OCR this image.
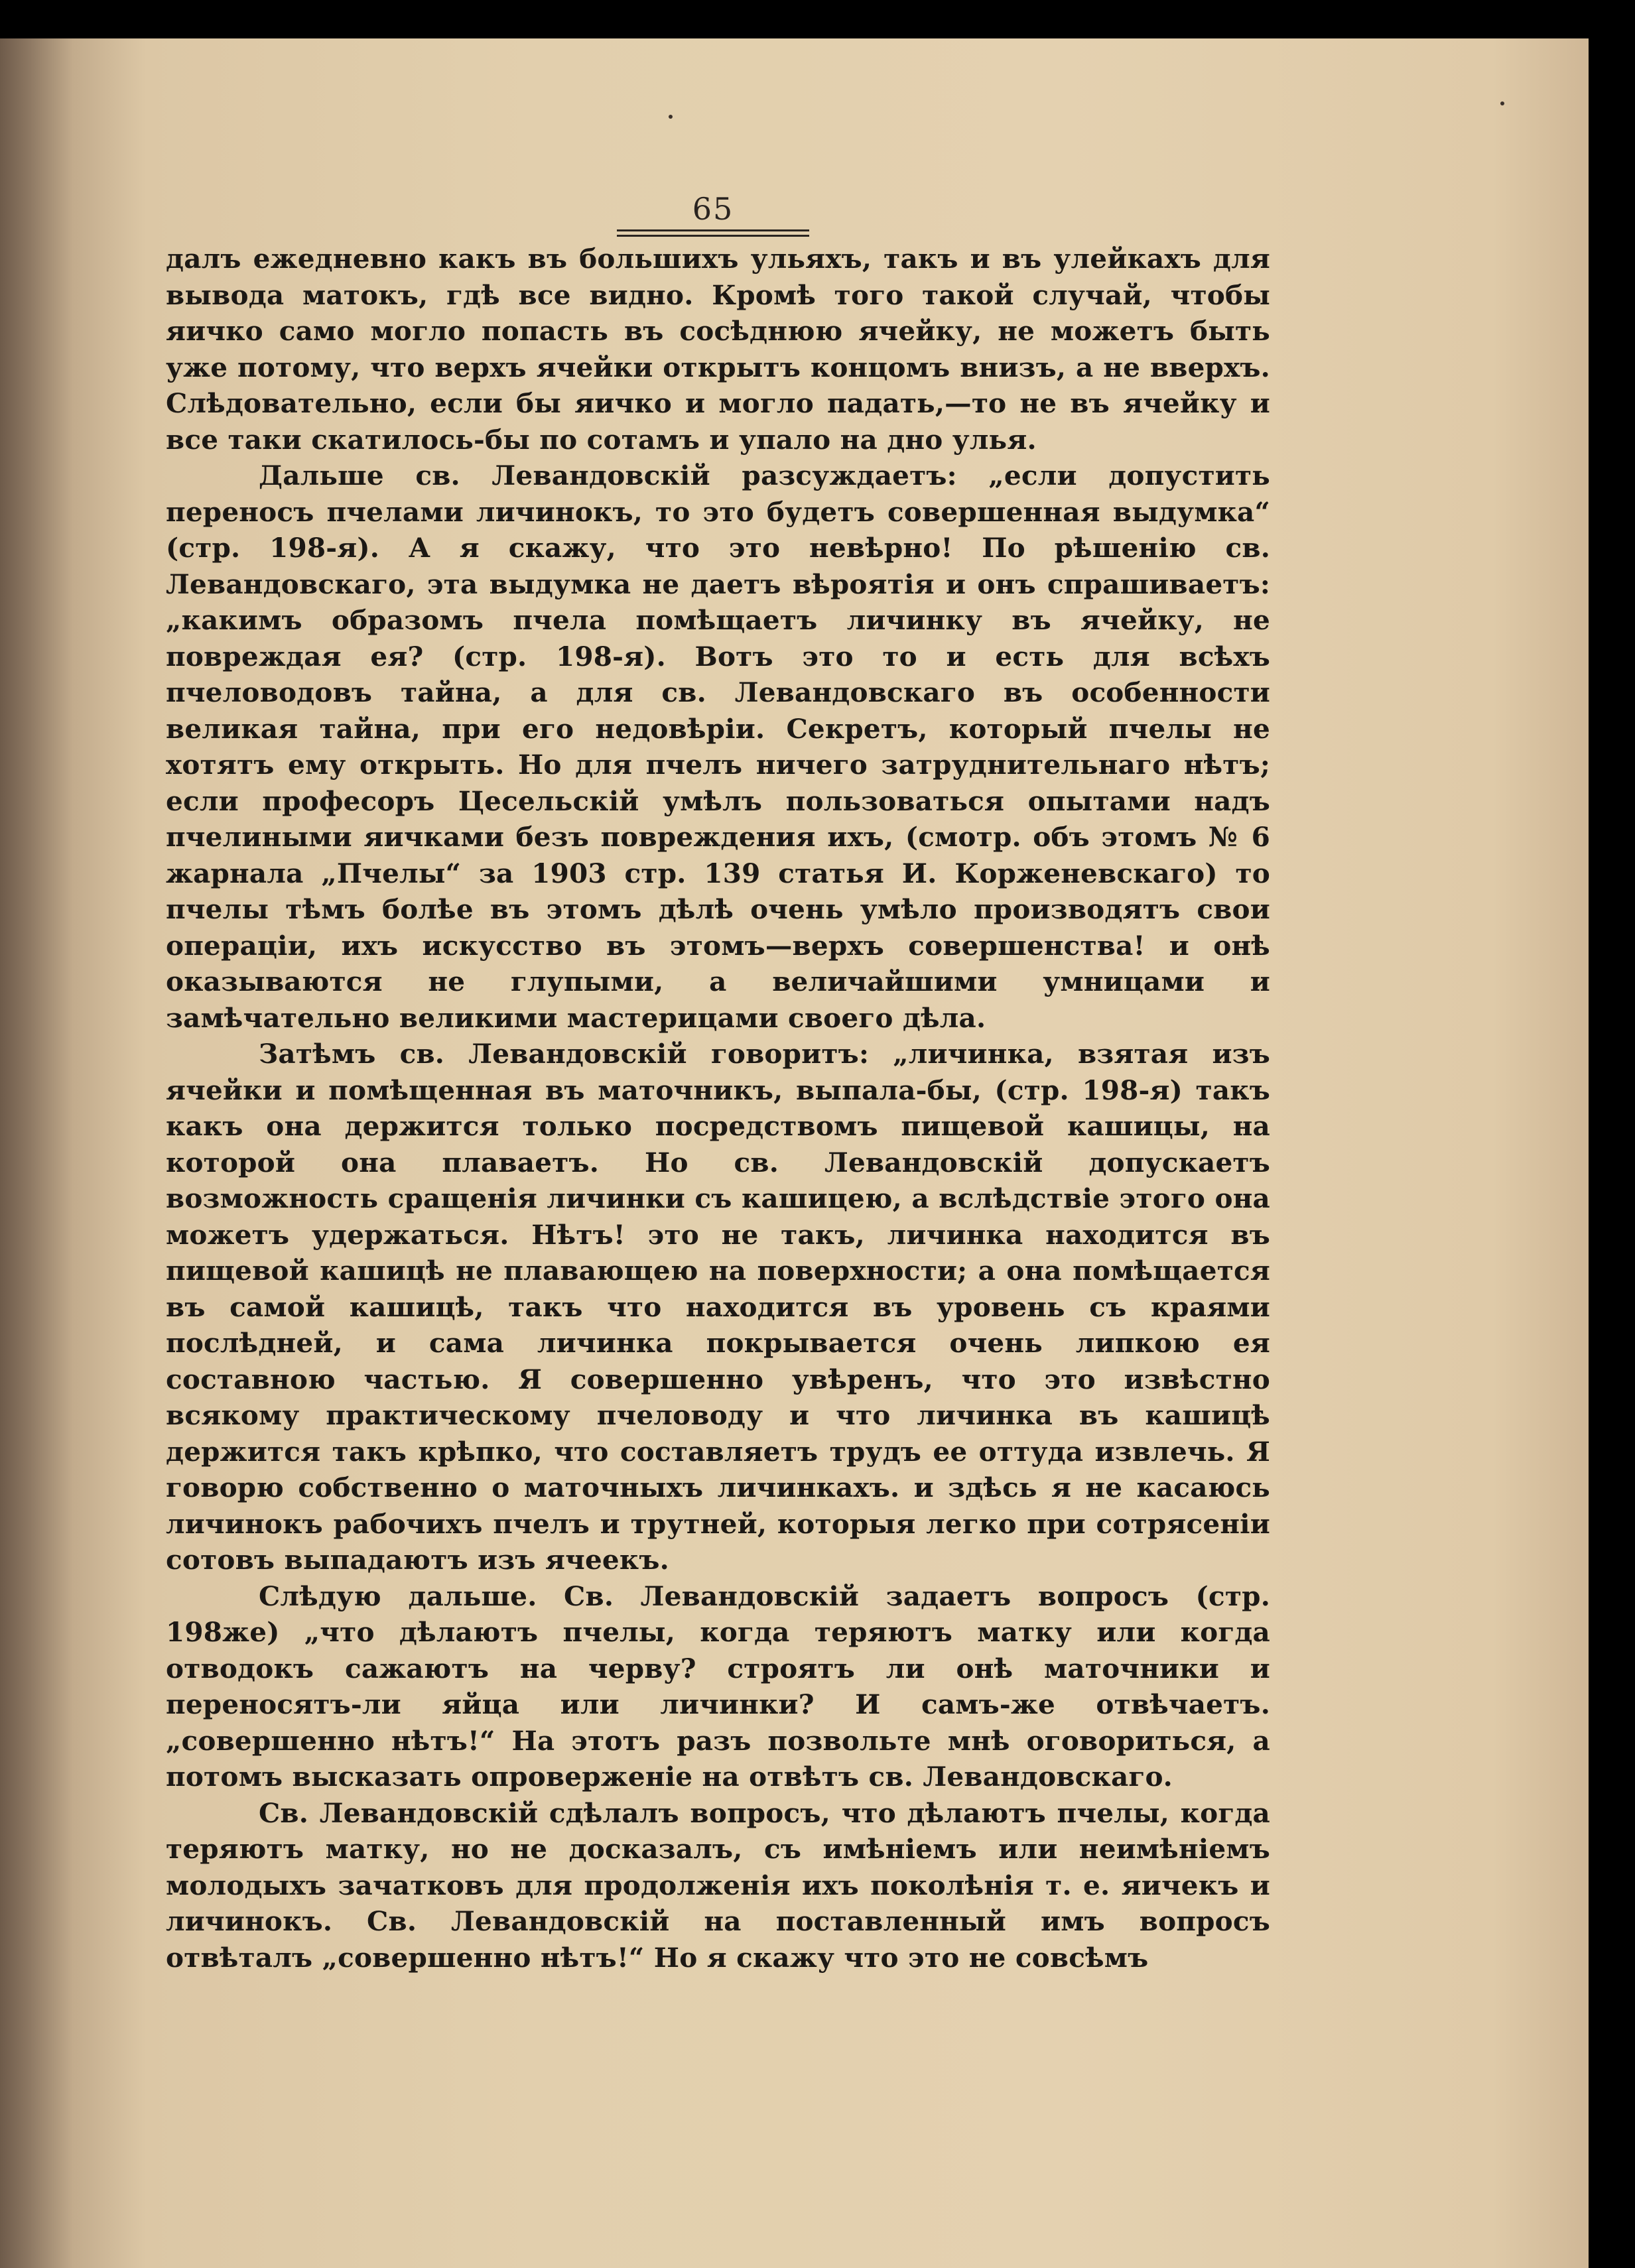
65

далъ ежедневно какъ въ большихъ ульяхъ, такъ и въ улейкахъ для вывода матокъ, гдѣ все видно. Кромѣ того такой случай, чтобы яичко само могло попасть въ сосѣднюю ячейку, не можетъ быть уже потому, что верхъ ячейки открытъ концомъ внизъ, а не вверхъ. Слѣдовательно, если бы яичко и могло падать,—то не въ ячейку и все таки скатилось-бы по сотамъ и упало на дно улья.

Дальше св. Левандовскій разсуждаетъ: „если допустить переносъ пчелами личинокъ, то это будетъ совершенная выдумка“ (стр. 198-я). А я скажу, что это невѣрно! По рѣшенію св. Левандовскаго, эта выдумка не даетъ вѣроятія и онъ спрашиваетъ: „какимъ образомъ пчела помѣщаетъ личинку въ ячейку, не повреждая ея? (стр. 198-я). Вотъ это то и есть для всѣхъ пчеловодовъ тайна, а для св. Левандовскаго въ особенности великая тайна, при его недовѣріи. Секретъ, который пчелы не хотятъ ему открыть. Но для пчелъ ничего затруднительнаго нѣтъ; если професоръ Цесельскій умѣлъ пользоваться опытами надъ пчелиными яичками безъ повреждения ихъ, (смотр. объ этомъ № 6 жарнала „Пчелы“ за 1903 стр. 139 статья И. Корженевскаго) то пчелы тѣмъ болѣе въ этомъ дѣлѣ очень умѣло производятъ свои операціи, ихъ искусство въ этомъ—верхъ совершенства! и онѣ оказываются не глупыми, а величайшими умницами и замѣчательно великими мастерицами своего дѣла.

Затѣмъ св. Левандовскій говоритъ: „личинка, взятая изъ ячейки и помѣщенная въ маточникъ, выпала-бы, (стр. 198-я) такъ какъ она держится только посредствомъ пищевой кашицы, на которой она плаваетъ. Но св. Левандовскій допускаетъ возможность сращенія личинки съ кашицею, а вслѣдствіе этого она можетъ удержаться. Нѣтъ! это не такъ, личинка находится въ пищевой кашицѣ не плавающею на поверхности; а она помѣщается въ самой кашицѣ, такъ что находится въ уровень съ краями послѣдней, и сама личинка покрывается очень липкою ея составною частью. Я совершенно увѣренъ, что это извѣстно всякому практическому пчеловоду и что личинка въ кашицѣ держится такъ крѣпко, что составляетъ трудъ ее оттуда извлечь. Я говорю собственно о маточныхъ личинкахъ. и здѣсь я не касаюсь личинокъ рабочихъ пчелъ и трутней, которыя легко при сотрясеніи сотовъ выпадаютъ изъ ячеекъ.

Слѣдую дальше. Св. Левандовскій задаетъ вопросъ (стр. 198же) „что дѣлаютъ пчелы, когда теряютъ матку или когда отводокъ сажаютъ на черву? строятъ ли онѣ маточники и переносятъ-ли яйца или личинки? И самъ-же отвѣчаетъ. „совершенно нѣтъ!“ На этотъ разъ позвольте мнѣ оговориться, а потомъ высказать опроверженіе на отвѣтъ св. Левандовскаго.

Св. Левандовскій сдѣлалъ вопросъ, что дѣлаютъ пчелы, когда теряютъ матку, но не досказалъ, съ имѣніемъ или неимѣніемъ молодыхъ зачатковъ для продолженія ихъ поколѣнія т. е. яичекъ и личинокъ. Св. Левандовскій на поставленный имъ вопросъ отвѣталъ „совершенно нѣтъ!“ Но я скажу что это не совсѣмъ
